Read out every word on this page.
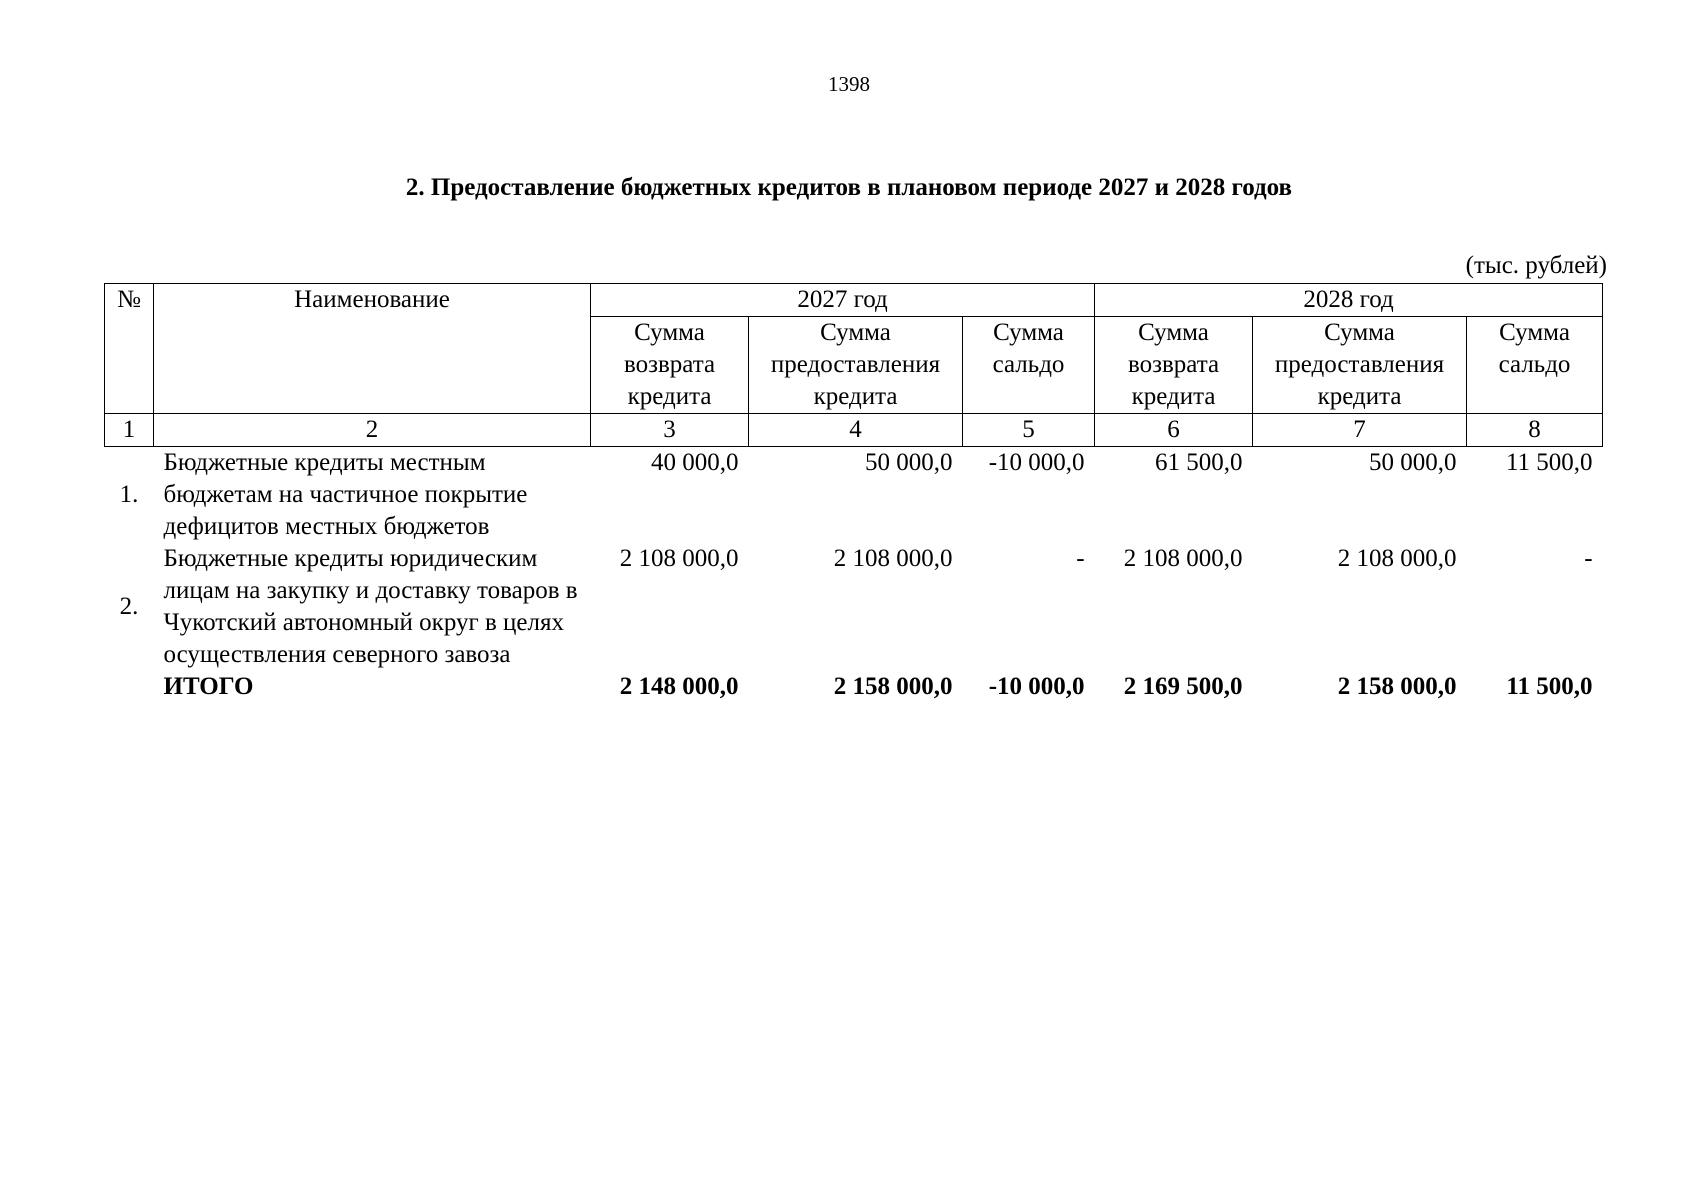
1398
2. Предоставление бюджетных кредитов в плановом периоде 2027 и 2028 годов
(тыс. рублей)
№	Наименование	2027 год			2028 год		
		Сумма возврата кредита	Сумма предоставления кредита	Сумма сальдо	Сумма возврата кредита	Сумма предоставления кредита	Сумма сальдо
1	2	3	4	5	6	7	8
1.	Бюджетные кредиты местным бюджетам на частичное покрытие дефицитов местных бюджетов	40 000,0	50 000,0	-10 000,0	61 500,0	50 000,0	11 500,0
2.	Бюджетные кредиты юридическим лицам на закупку и доставку товаров в Чукотский автономный округ в целях осуществления северного завоза	2 108 000,0	2 108 000,0	-	2 108 000,0	2 108 000,0	-
	ИТОГО	2 148 000,0	2 158 000,0	-10 000,0	2 169 500,0	2 158 000,0	11 500,0
